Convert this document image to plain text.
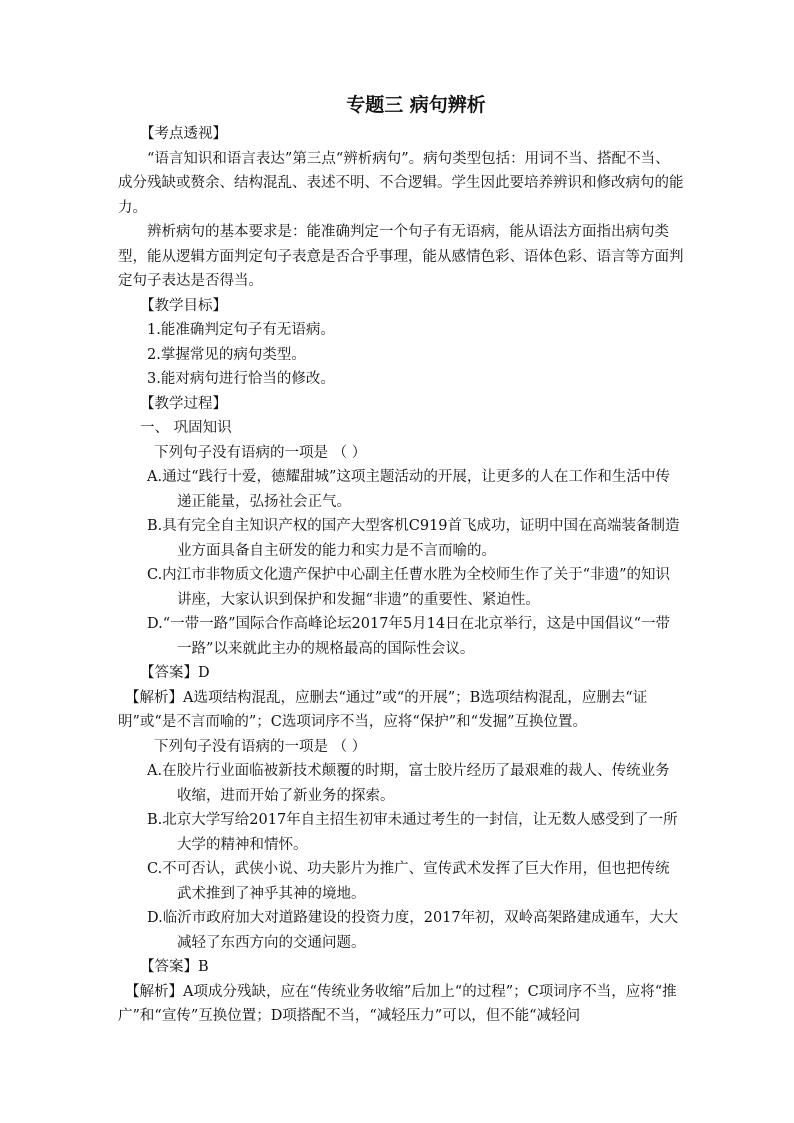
专题三 病句辨析

【考点透视】

“语言知识和语言表达”第三点“辨析病句”。病句类型包括：用词不当、搭配不当、成分残缺或赘余、结构混乱、表述不明、不合逻辑。学生因此要培养辨识和修改病句的能力。

辨析病句的基本要求是：能准确判定一个句子有无语病，能从语法方面指出病句类型，能从逻辑方面判定句子表意是否合乎事理，能从感情色彩、语体色彩、语言等方面判定句子表达是否得当。

【教学目标】

1.能准确判定句子有无语病。

2.掌握常见的病句类型。

3.能对病句进行恰当的修改。

【教学过程】

一、 巩固知识

下列句子没有语病的一项是 （ ）

A.通过“践行十爱，德耀甜城”这项主题活动的开展，让更多的人在工作和生活中传递正能量，弘扬社会正气。

B.具有完全自主知识产权的国产大型客机C919首飞成功，证明中国在高端装备制造业方面具备自主研发的能力和实力是不言而喻的。

C.内江市非物质文化遗产保护中心副主任曹水胜为全校师生作了关于“非遗”的知识讲座，大家认识到保护和发掘“非遗”的重要性、紧迫性。

D.“一带一路”国际合作高峰论坛2017年5月14日在北京举行，这是中国倡议“一带一路”以来就此主办的规格最高的国际性会议。

【答案】D

【解析】A选项结构混乱，应删去“通过”或“的开展”；B选项结构混乱，应删去“证明”或“是不言而喻的”；C选项词序不当，应将“保护”和“发掘”互换位置。

下列句子没有语病的一项是 （ ）

A.在胶片行业面临被新技术颠覆的时期，富士胶片经历了最艰难的裁人、传统业务收缩，进而开始了新业务的探索。

B.北京大学写给2017年自主招生初审未通过考生的一封信，让无数人感受到了一所大学的精神和情怀。

C.不可否认，武侠小说、功夫影片为推广、宣传武术发挥了巨大作用，但也把传统武术推到了神乎其神的境地。

D.临沂市政府加大对道路建设的投资力度，2017年初，双岭高架路建成通车，大大减轻了东西方向的交通问题。

【答案】B

【解析】A项成分残缺，应在“传统业务收缩”后加上“的过程”；C项词序不当，应将“推广”和“宣传”互换位置；D项搭配不当，“减轻压力”可以，但不能“减轻问
